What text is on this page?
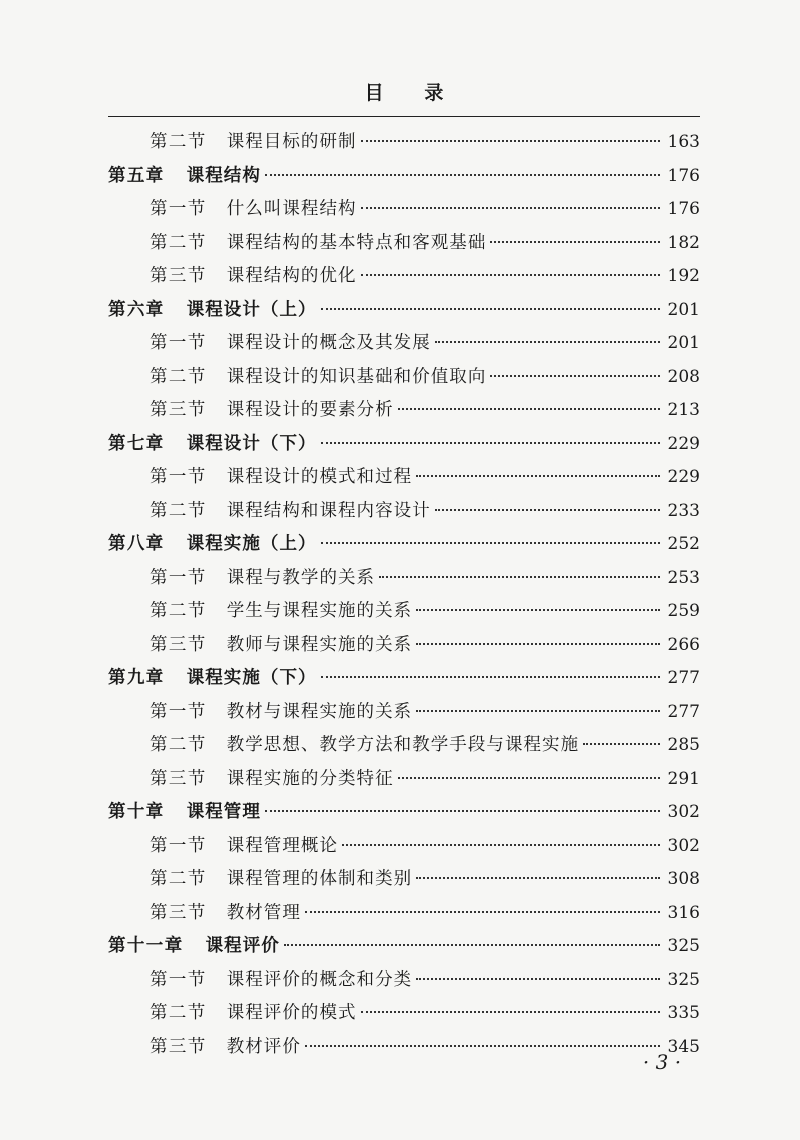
目 录
第二节 课程目标的研制	163
第五章 课程结构	176
第一节 什么叫课程结构	176
第二节 课程结构的基本特点和客观基础	182
第三节 课程结构的优化	192
第六章 课程设计（上）	201
第一节 课程设计的概念及其发展	201
第二节 课程设计的知识基础和价值取向	208
第三节 课程设计的要素分析	213
第七章 课程设计（下）	229
第一节 课程设计的模式和过程	229
第二节 课程结构和课程内容设计	233
第八章 课程实施（上）	252
第一节 课程与教学的关系	253
第二节 学生与课程实施的关系	259
第三节 教师与课程实施的关系	266
第九章 课程实施（下）	277
第一节 教材与课程实施的关系	277
第二节 教学思想、教学方法和教学手段与课程实施	285
第三节 课程实施的分类特征	291
第十章 课程管理	302
第一节 课程管理概论	302
第二节 课程管理的体制和类别	308
第三节 教材管理	316
第十一章 课程评价	325
第一节 课程评价的概念和分类	325
第二节 课程评价的模式	335
第三节 教材评价	345
· 3 ·
